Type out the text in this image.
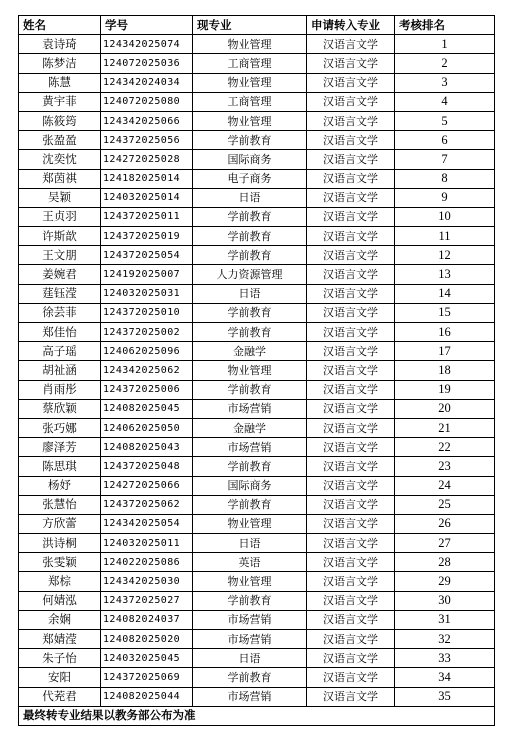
姓名	学号	现专业	申请转入专业	考核排名
袁诗琦	124342025074	物业管理	汉语言文学	1
陈梦洁	124072025036	工商管理	汉语言文学	2
陈慧	124342024034	物业管理	汉语言文学	3
黄宇菲	124072025080	工商管理	汉语言文学	4
陈筱筠	124342025066	物业管理	汉语言文学	5
张盈盈	124372025056	学前教育	汉语言文学	6
沈奕忱	124272025028	国际商务	汉语言文学	7
郑茵祺	124182025014	电子商务	汉语言文学	8
吴颖	124032025014	日语	汉语言文学	9
王贞羽	124372025011	学前教育	汉语言文学	10
许斯歆	124372025019	学前教育	汉语言文学	11
王文朋	124372025054	学前教育	汉语言文学	12
姜婉君	124192025007	人力资源管理	汉语言文学	13
莛钰滢	124032025031	日语	汉语言文学	14
徐芸菲	124372025010	学前教育	汉语言文学	15
郑佳怡	124372025002	学前教育	汉语言文学	16
高子瑶	124062025096	金融学	汉语言文学	17
胡祉涵	124342025062	物业管理	汉语言文学	18
肖雨彤	124372025006	学前教育	汉语言文学	19
蔡欣颖	124082025045	市场营销	汉语言文学	20
张巧娜	124062025050	金融学	汉语言文学	21
廖泽芳	124082025043	市场营销	汉语言文学	22
陈思琪	124372025048	学前教育	汉语言文学	23
杨妤	124272025066	国际商务	汉语言文学	24
张慧怡	124372025062	学前教育	汉语言文学	25
方欣蕾	124342025054	物业管理	汉语言文学	26
洪诗桐	124032025011	日语	汉语言文学	27
张雯颖	124022025086	英语	汉语言文学	28
郑棕	124342025030	物业管理	汉语言文学	29
何婧泓	124372025027	学前教育	汉语言文学	30
余娴	124082024037	市场营销	汉语言文学	31
郑婧滢	124082025020	市场营销	汉语言文学	32
朱子怡	124032025045	日语	汉语言文学	33
安阳	124372025069	学前教育	汉语言文学	34
代茺君	124082025044	市场营销	汉语言文学	35
最终转专业结果以教务部公布为准				
